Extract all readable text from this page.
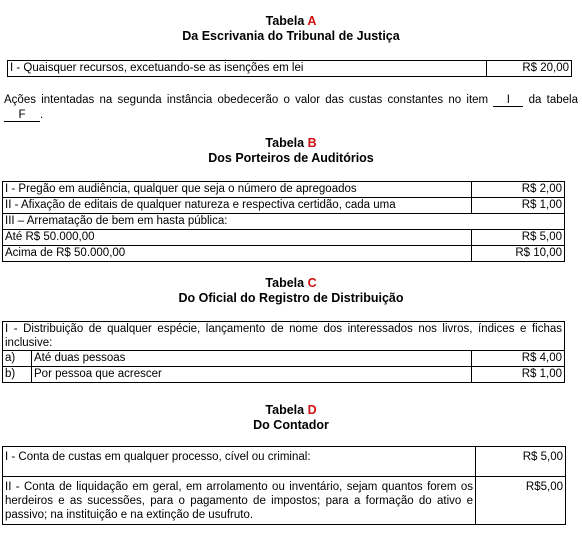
Tabela A
Da Escrivania do Tribunal de Justiça
I - Quaisquer recursos, excetuando-se as isenções em lei	R$ 20,00
Ações intentadas na segunda instância obedecerão o valor das custas constantes no item I da tabela F .
Tabela B
Dos Porteiros de Auditórios
I - Pregão em audiência, qualquer que seja o número de apregoados	R$ 2,00
II - Afixação de editais de qualquer natureza e respectiva certidão, cada uma	R$ 1,00
III – Arrematação de bem em hasta pública:	
Até R$ 50.000,00	R$ 5,00
Acima de R$ 50.000,00	R$ 10,00
Tabela C
Do Oficial do Registro de Distribuição
I - Distribuição de qualquer espécie, lançamento de nome dos interessados nos livros, índices e fichas inclusive:		
a)	Até duas pessoas	R$ 4,00
b)	Por pessoa que acrescer	R$ 1,00
Tabela D
Do Contador
I - Conta de custas em qualquer processo, cível ou criminal:	R$ 5,00
II - Conta de liquidação em geral, em arrolamento ou inventário, sejam quantos forem os herdeiros e as sucessões, para o pagamento de impostos; para a formação do ativo e passivo; na instituição e na extinção de usufruto.	R$5,00
